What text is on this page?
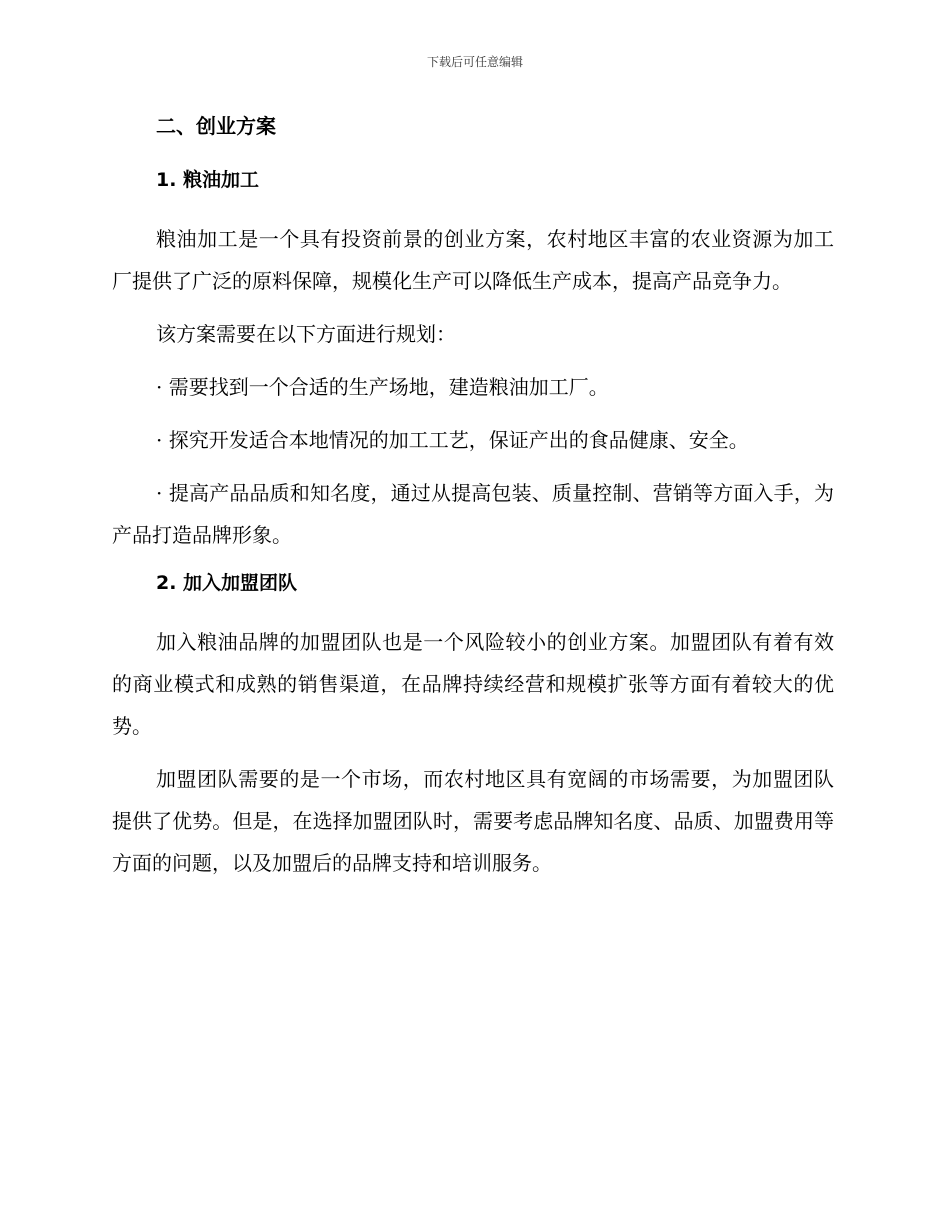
下载后可任意编辑
二、创业方案
1. 粮油加工

粮油加工是一个具有投资前景的创业方案，农村地区丰富的农业资源为加工厂提供了广泛的原料保障，规模化生产可以降低生产成本，提高产品竞争力。

该方案需要在以下方面进行规划：

· 需要找到一个合适的生产场地，建造粮油加工厂。

· 探究开发适合本地情况的加工工艺，保证产出的食品健康、安全。

· 提高产品品质和知名度，通过从提高包装、质量控制、营销等方面入手，为产品打造品牌形象。

2. 加入加盟团队

加入粮油品牌的加盟团队也是一个风险较小的创业方案。加盟团队有着有效的商业模式和成熟的销售渠道，在品牌持续经营和规模扩张等方面有着较大的优势。

加盟团队需要的是一个市场，而农村地区具有宽阔的市场需要，为加盟团队提供了优势。但是，在选择加盟团队时，需要考虑品牌知名度、品质、加盟费用等方面的问题，以及加盟后的品牌支持和培训服务。
